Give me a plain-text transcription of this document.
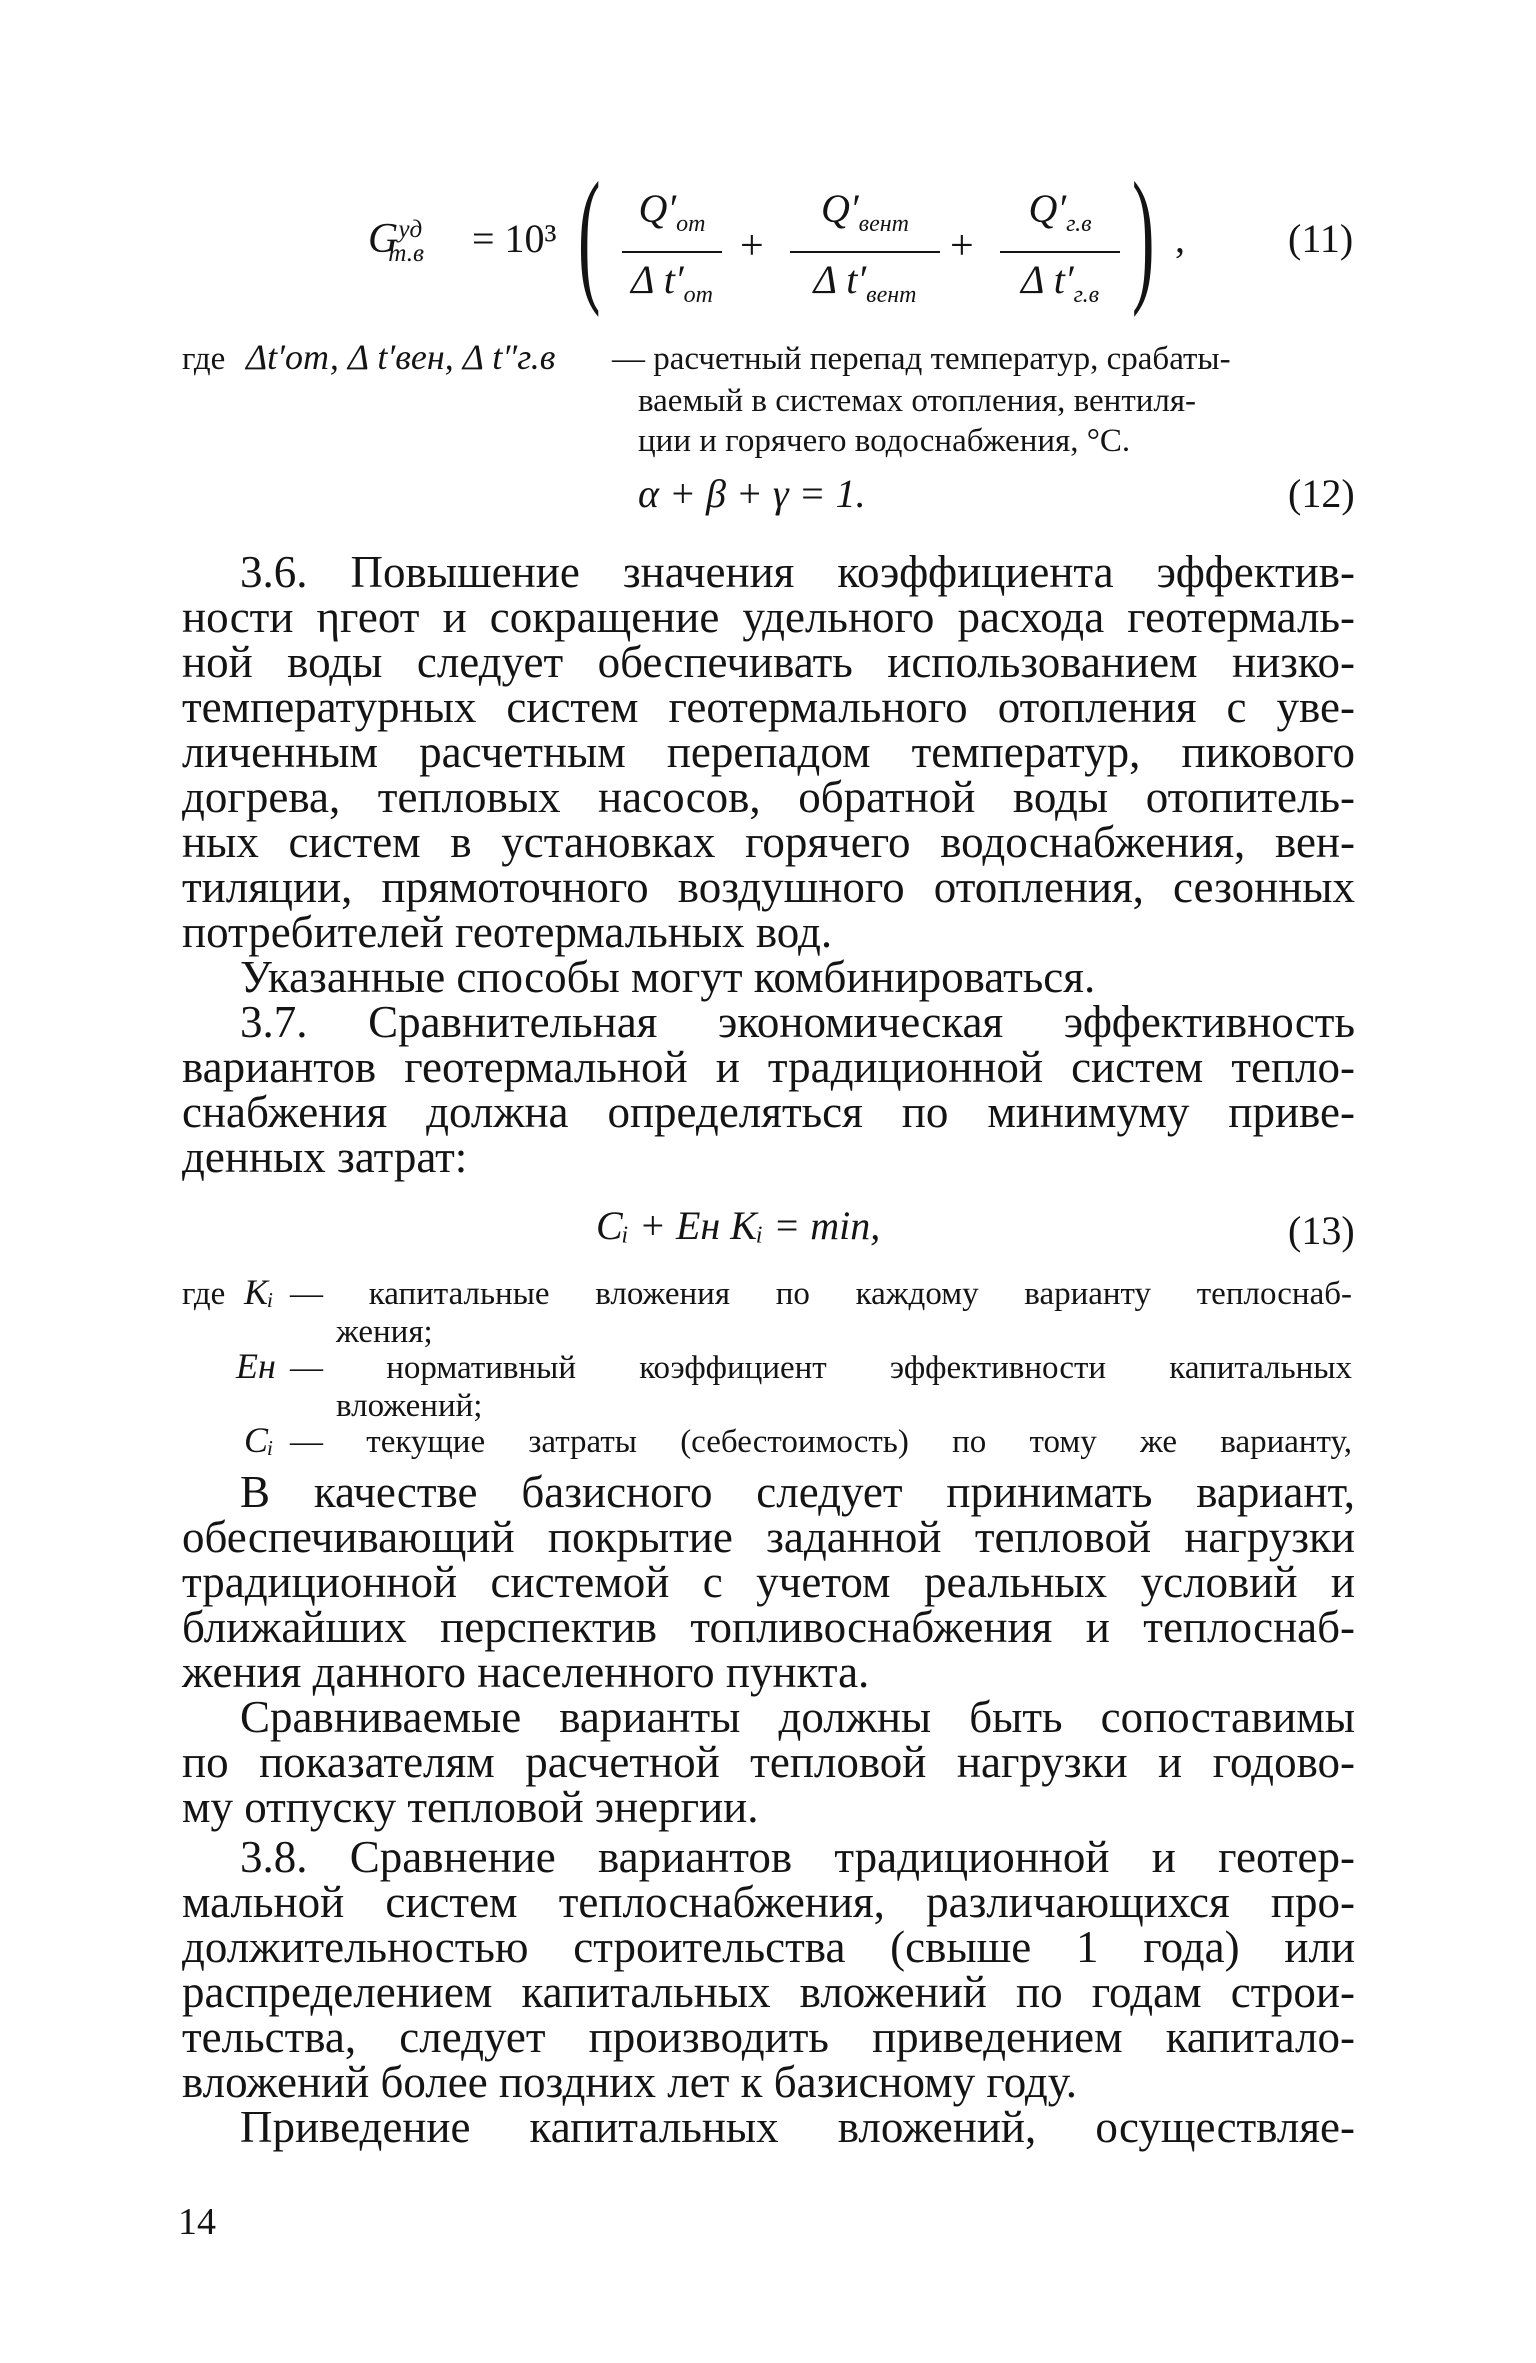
$G^{уд}_{т.в} = 10^3$ ( $Q'_{от}$
Δ $t'_{от}$
+
$Q'_{вент}$
Δ $t'_{вент}$
+
$Q'_{г.в}$
Δ $t'_{г.в}$ ) ,	(11)
где Δt′от, Δ t′вен, Δ t″г.в — расчетный перепад температур, срабаты-
ваемый в системах отопления, вентиля-
ции и горячего водоснабжения, °С.
α + β + γ = 1.	(12)
3.6. Повышение значения коэффициента эффектив-
ности ηгеот и сокращение удельного расхода геотермаль-
ной воды следует обеспечивать использованием низко-
температурных систем геотермального отопления с уве-
личенным расчетным перепадом температур, пикового
догрева, тепловых насосов, обратной воды отопитель-
ных систем в установках горячего водоснабжения, вен-
тиляции, прямоточного воздушного отопления, сезонных
потребителей геотермальных вод.
Указанные способы могут комбинироваться.
3.7. Сравнительная экономическая эффективность
вариантов геотермальной и традиционной систем тепло-
снабжения должна определяться по минимуму приве-
денных затрат:
Cᵢ + Eн Kᵢ = min,	(13)
где Kᵢ — капитальные вложения по каждому варианту теплоснаб-
жения;
Eн — нормативный коэффициент эффективности капитальных
вложений;
Cᵢ — текущие затраты (себестоимость) по тому же варианту,
В качестве базисного следует принимать вариант,
обеспечивающий покрытие заданной тепловой нагрузки
традиционной системой с учетом реальных условий и
ближайших перспектив топливоснабжения и теплоснаб-
жения данного населенного пункта.
Сравниваемые варианты должны быть сопоставимы
по показателям расчетной тепловой нагрузки и годово-
му отпуску тепловой энергии.
3.8. Сравнение вариантов традиционной и геотер-
мальной систем теплоснабжения, различающихся про-
должительностью строительства (свыше 1 года) или
распределением капитальных вложений по годам строи-
тельства, следует производить приведением капитало-
вложений более поздних лет к базисному году.
Приведение капитальных вложений, осуществляе-
14
